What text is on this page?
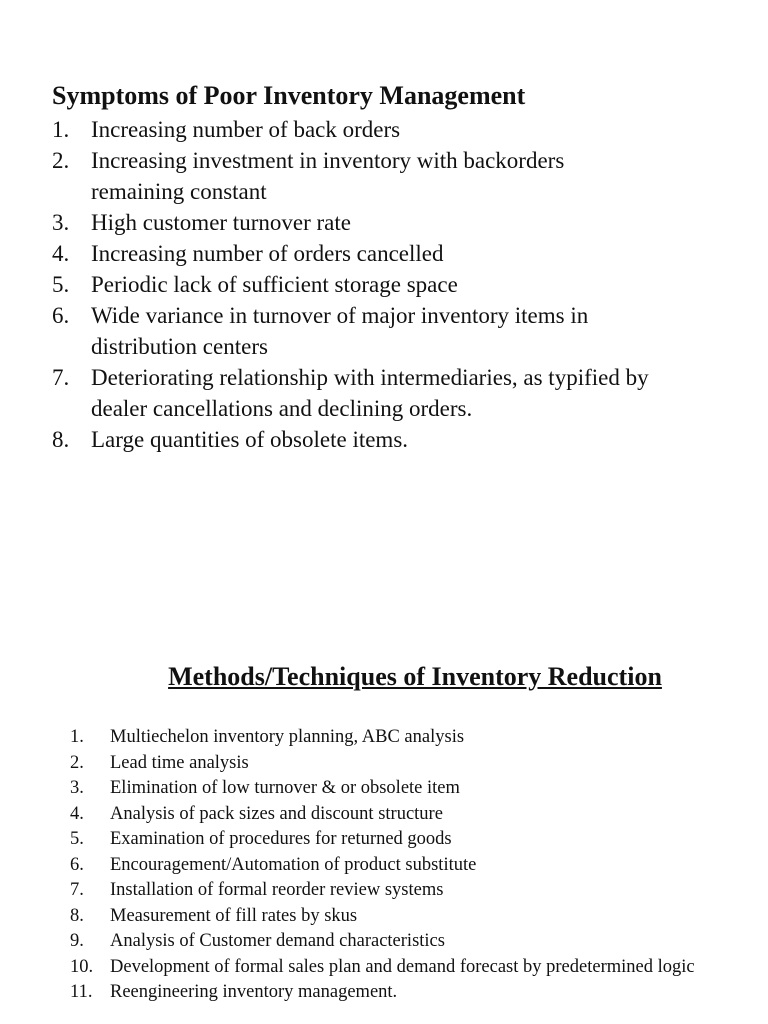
Symptoms of Poor Inventory Management
1. Increasing number of back orders
2. Increasing investment in inventory with backorders remaining constant
3. High customer turnover rate
4. Increasing number of orders cancelled
5. Periodic lack of sufficient storage space
6. Wide variance in turnover of major inventory items in distribution centers
7. Deteriorating relationship with intermediaries, as typified by dealer cancellations and declining orders.
8. Large quantities of obsolete items.
Methods/Techniques of Inventory Reduction
1.	Multiechelon inventory planning, ABC analysis
2.	Lead time analysis
3.	Elimination of low turnover & or obsolete item
4.	Analysis of pack sizes and discount structure
5.	Examination of procedures for returned goods
6.	Encouragement/Automation of product substitute
7.	Installation of formal reorder review systems
8.	Measurement of fill rates by skus
9.	Analysis of Customer demand characteristics
10. Development of formal sales plan and demand forecast by predetermined logic
11. Reengineering inventory management.
